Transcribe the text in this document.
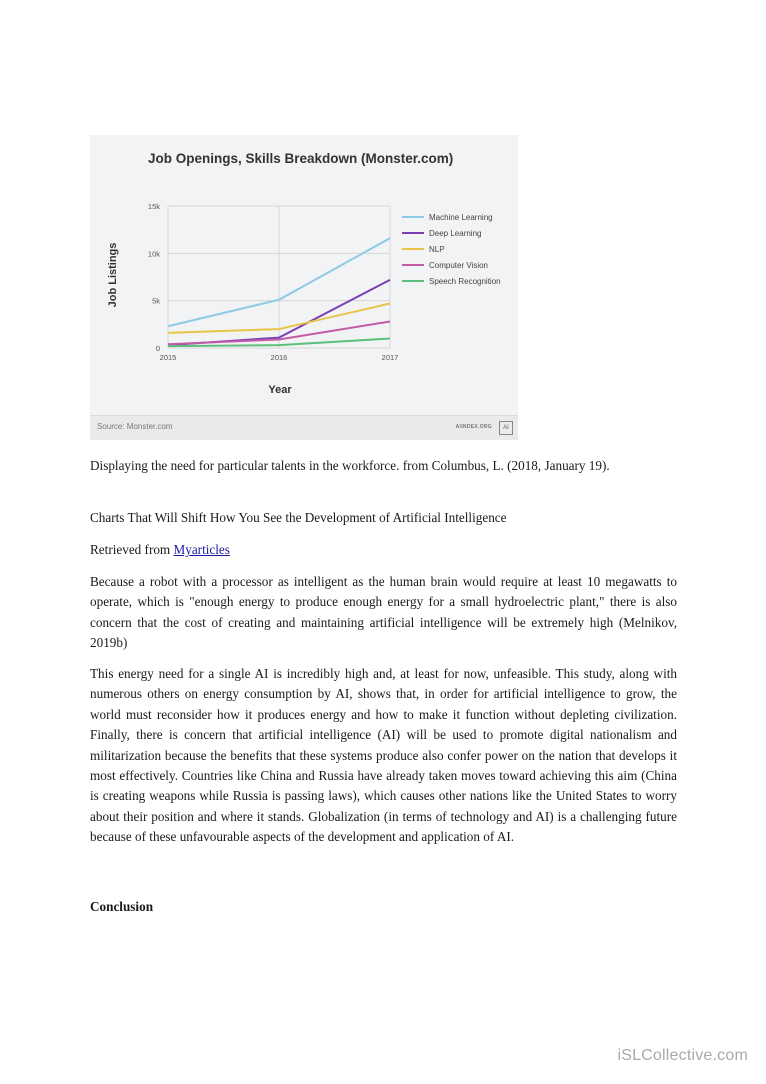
Job Openings, Skills Breakdown (Monster.com)
Job Listings
Year
0
5k
10k
15k
2015	2016	2017
Machine Learning
Deep Learning
NLP
Computer Vision
Speech Recognition
Source: Monster.com	AIINDEX.ORG	AI

Displaying the need for particular talents in the workforce. from Columbus, L. (2018, January 19).

Charts That Will Shift How You See the Development of Artificial Intelligence

Retrieved from Myarticles

Because a robot with a processor as intelligent as the human brain would require at least 10 megawatts to operate, which is "enough energy to produce enough energy for a small hydroelectric plant," there is also concern that the cost of creating and maintaining artificial intelligence will be extremely high (Melnikov, 2019b)

This energy need for a single AI is incredibly high and, at least for now, unfeasible. This study, along with numerous others on energy consumption by AI, shows that, in order for artificial intelligence to grow, the world must reconsider how it produces energy and how to make it function without depleting civilization. Finally, there is concern that artificial intelligence (AI) will be used to promote digital nationalism and militarization because the benefits that these systems produce also confer power on the nation that develops it most effectively. Countries like China and Russia have already taken moves toward achieving this aim (China is creating weapons while Russia is passing laws), which causes other nations like the United States to worry about their position and where it stands. Globalization (in terms of technology and AI) is a challenging future because of these unfavourable aspects of the development and application of AI.

Conclusion

iSLCollective.com
